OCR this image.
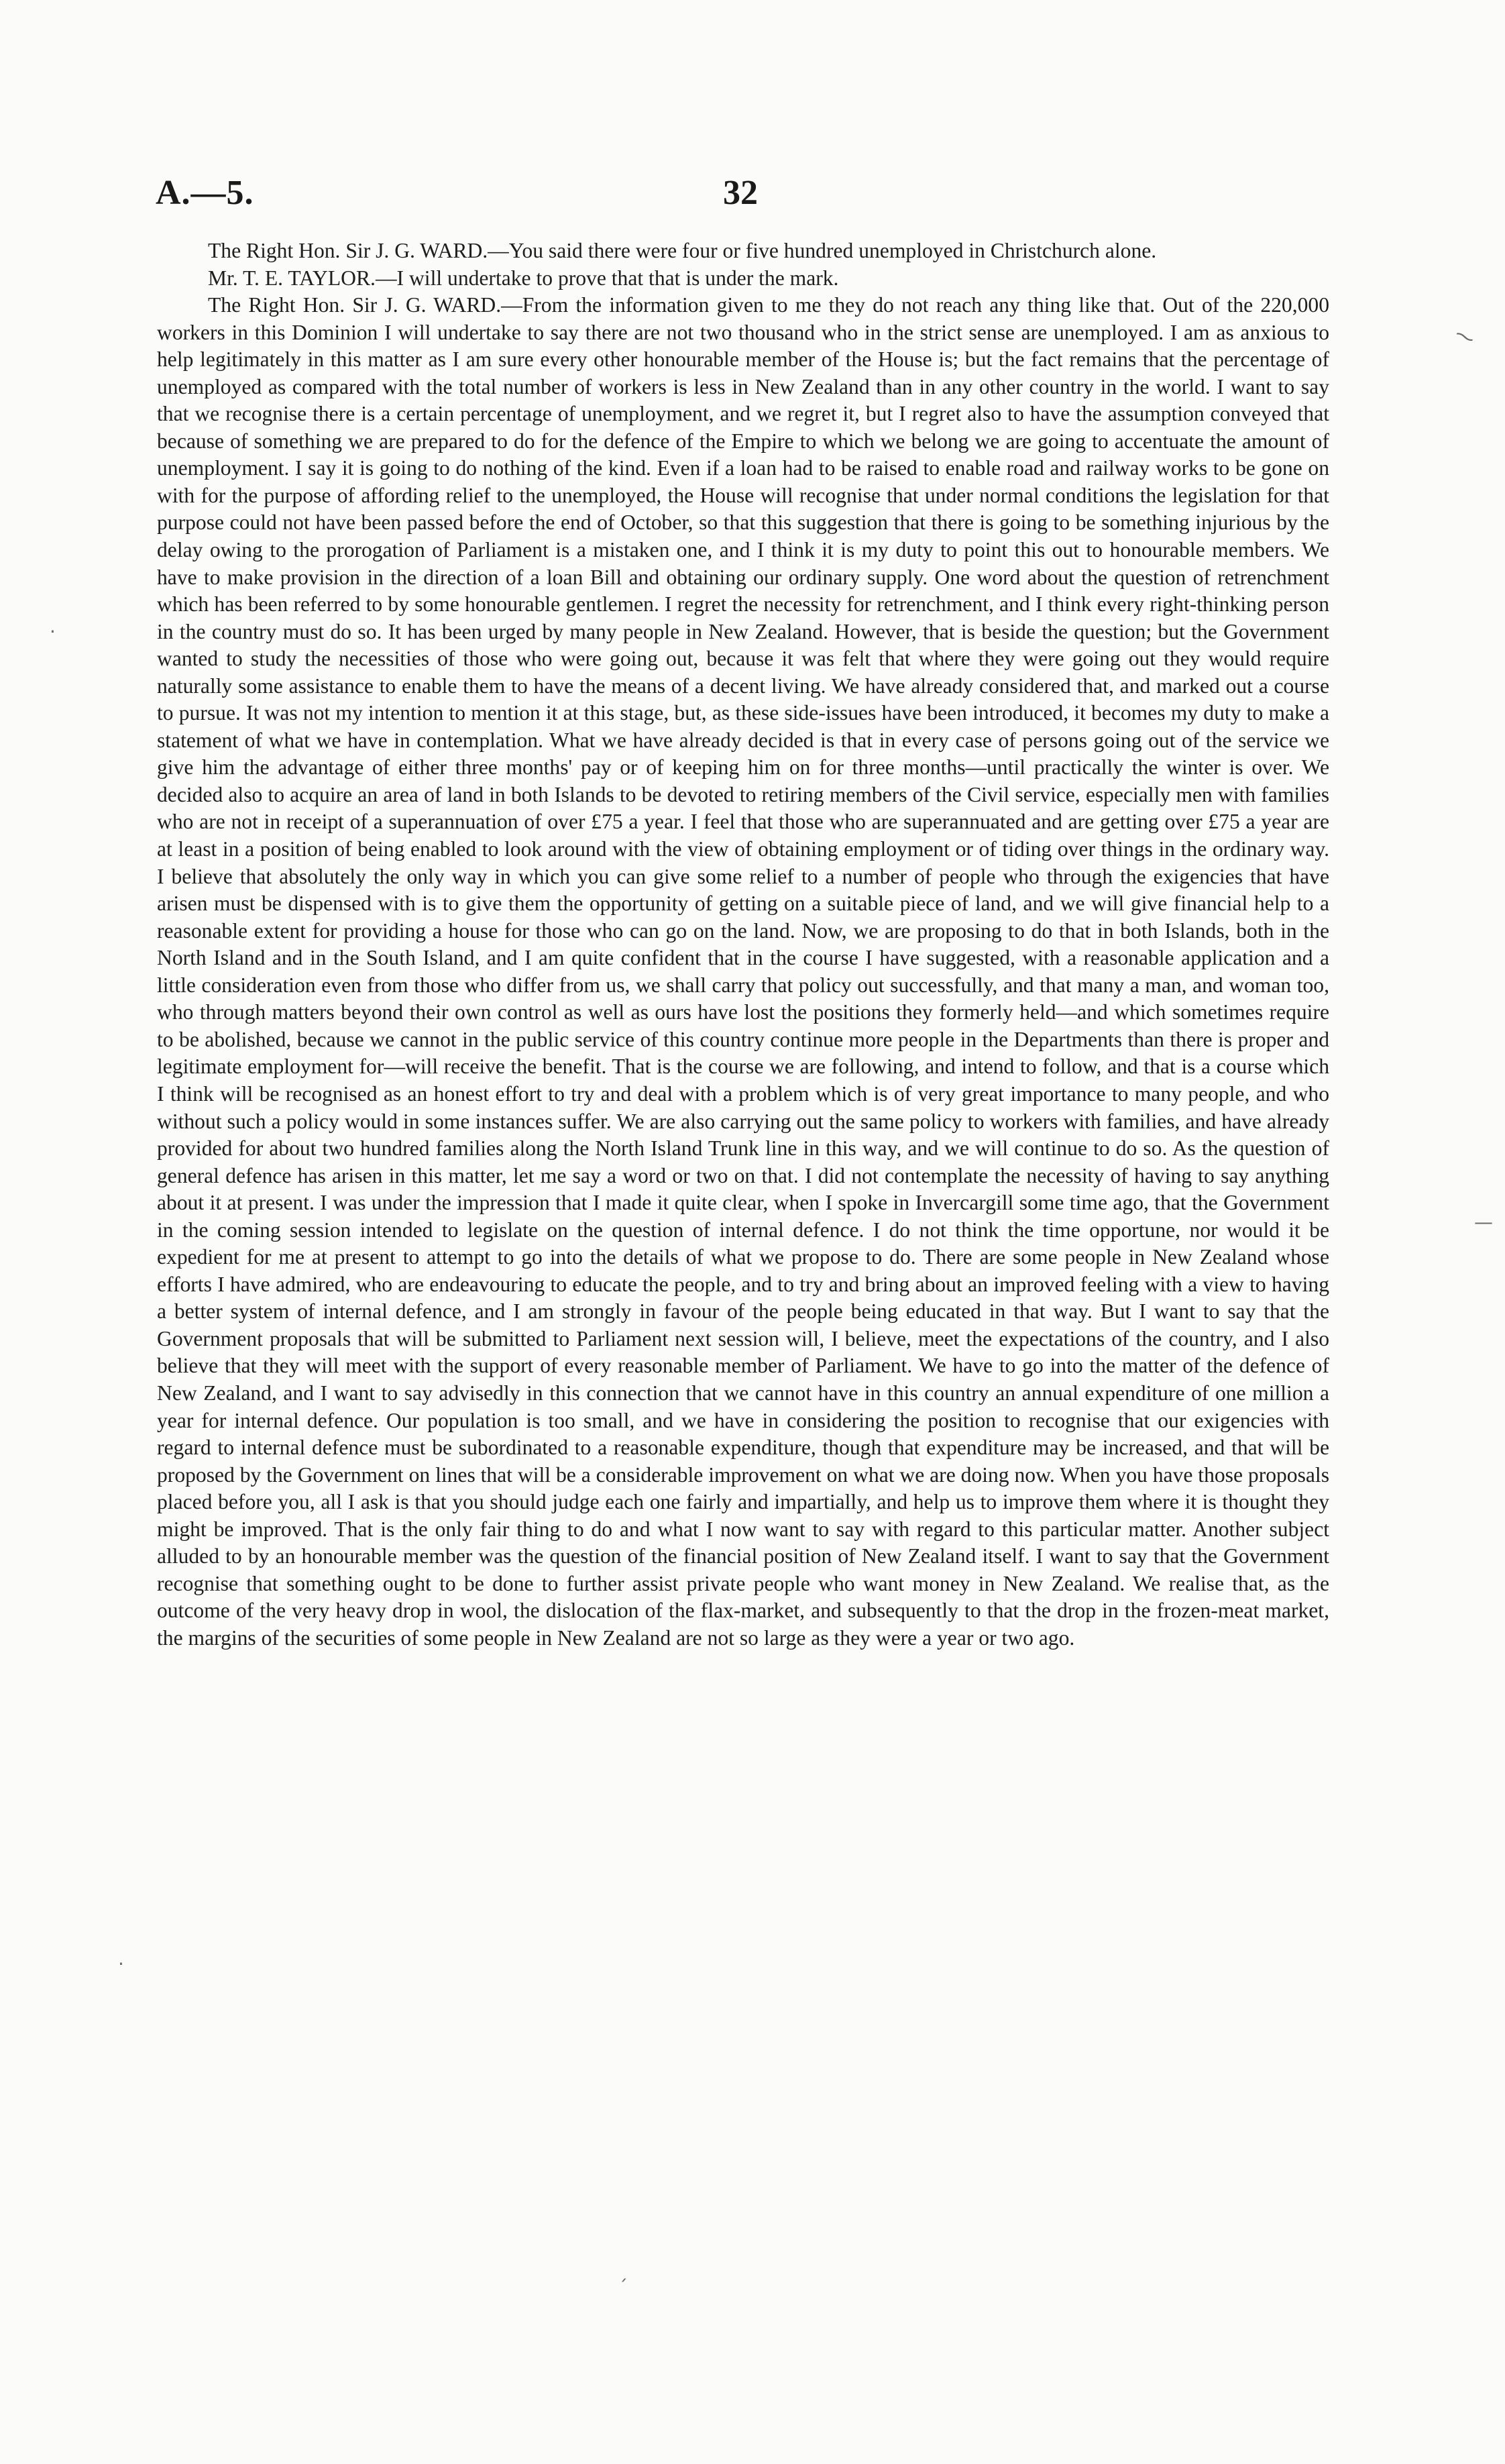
A.—5.	32

The Right Hon. Sir J. G. WARD.—You said there were four or five hundred unemployed in Christchurch alone.

Mr. T. E. TAYLOR.—I will undertake to prove that that is under the mark.

The Right Hon. Sir J. G. WARD.—From the information given to me they do not reach any thing like that. Out of the 220,000 workers in this Dominion I will undertake to say there are not two thousand who in the strict sense are unemployed. I am as anxious to help legitimately in this matter as I am sure every other honourable member of the House is; but the fact remains that the percentage of unemployed as compared with the total number of workers is less in New Zealand than in any other country in the world. I want to say that we recognise there is a certain percentage of unemployment, and we regret it, but I regret also to have the assumption conveyed that because of something we are prepared to do for the defence of the Empire to which we belong we are going to accentuate the amount of unemployment. I say it is going to do nothing of the kind. Even if a loan had to be raised to enable road and railway works to be gone on with for the purpose of affording relief to the unemployed, the House will recognise that under normal conditions the legislation for that purpose could not have been passed before the end of October, so that this suggestion that there is going to be something injurious by the delay owing to the prorogation of Parliament is a mistaken one, and I think it is my duty to point this out to honourable members. We have to make provision in the direction of a loan Bill and obtaining our ordinary supply. One word about the question of retrenchment which has been referred to by some honourable gentlemen. I regret the necessity for retrenchment, and I think every right-thinking person in the country must do so. It has been urged by many people in New Zealand. However, that is beside the question; but the Government wanted to study the necessities of those who were going out, because it was felt that where they were going out they would require naturally some assistance to enable them to have the means of a decent living. We have already considered that, and marked out a course to pursue. It was not my intention to mention it at this stage, but, as these side-issues have been introduced, it becomes my duty to make a statement of what we have in contemplation. What we have already decided is that in every case of persons going out of the service we give him the advantage of either three months' pay or of keeping him on for three months—until practically the winter is over. We decided also to acquire an area of land in both Islands to be devoted to retiring members of the Civil service, especially men with families who are not in receipt of a superannuation of over £75 a year. I feel that those who are superannuated and are getting over £75 a year are at least in a position of being enabled to look around with the view of obtaining employment or of tiding over things in the ordinary way. I believe that absolutely the only way in which you can give some relief to a number of people who through the exigencies that have arisen must be dispensed with is to give them the opportunity of getting on a suitable piece of land, and we will give financial help to a reasonable extent for providing a house for those who can go on the land. Now, we are proposing to do that in both Islands, both in the North Island and in the South Island, and I am quite confident that in the course I have suggested, with a reasonable application and a little consideration even from those who differ from us, we shall carry that policy out successfully, and that many a man, and woman too, who through matters beyond their own control as well as ours have lost the positions they formerly held—and which sometimes require to be abolished, because we cannot in the public service of this country continue more people in the Departments than there is proper and legitimate employment for—will receive the benefit. That is the course we are following, and intend to follow, and that is a course which I think will be recognised as an honest effort to try and deal with a problem which is of very great importance to many people, and who without such a policy would in some instances suffer. We are also carrying out the same policy to workers with families, and have already provided for about two hundred families along the North Island Trunk line in this way, and we will continue to do so. As the question of general defence has arisen in this matter, let me say a word or two on that. I did not contemplate the necessity of having to say anything about it at present. I was under the impression that I made it quite clear, when I spoke in Invercargill some time ago, that the Government in the coming session intended to legislate on the question of internal defence. I do not think the time opportune, nor would it be expedient for me at present to attempt to go into the details of what we propose to do. There are some people in New Zealand whose efforts I have admired, who are endeavouring to educate the people, and to try and bring about an improved feeling with a view to having a better system of internal defence, and I am strongly in favour of the people being educated in that way. But I want to say that the Government proposals that will be submitted to Parliament next session will, I believe, meet the expectations of the country, and I also believe that they will meet with the support of every reasonable member of Parliament. We have to go into the matter of the defence of New Zealand, and I want to say advisedly in this connection that we cannot have in this country an annual expenditure of one million a year for internal defence. Our population is too small, and we have in considering the position to recognise that our exigencies with regard to internal defence must be subordinated to a reasonable expenditure, though that expenditure may be increased, and that will be proposed by the Government on lines that will be a considerable improvement on what we are doing now. When you have those proposals placed before you, all I ask is that you should judge each one fairly and impartially, and help us to improve them where it is thought they might be improved. That is the only fair thing to do and what I now want to say with regard to this particular matter. Another subject alluded to by an honourable member was the question of the financial position of New Zealand itself. I want to say that the Government recognise that something ought to be done to further assist private people who want money in New Zealand. We realise that, as the outcome of the very heavy drop in wool, the dislocation of the flax-market, and subsequently to that the drop in the frozen-meat market, the margins of the securities of some people in New Zealand are not so large as they were a year or two ago.

⁓
·
—
·
ˏ
